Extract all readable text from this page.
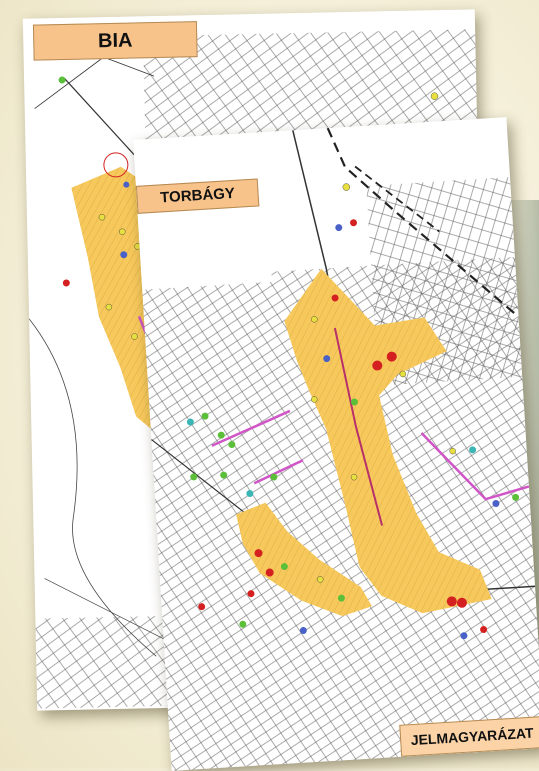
BIA
TORBÁGY
JELMAGYARÁZAT
